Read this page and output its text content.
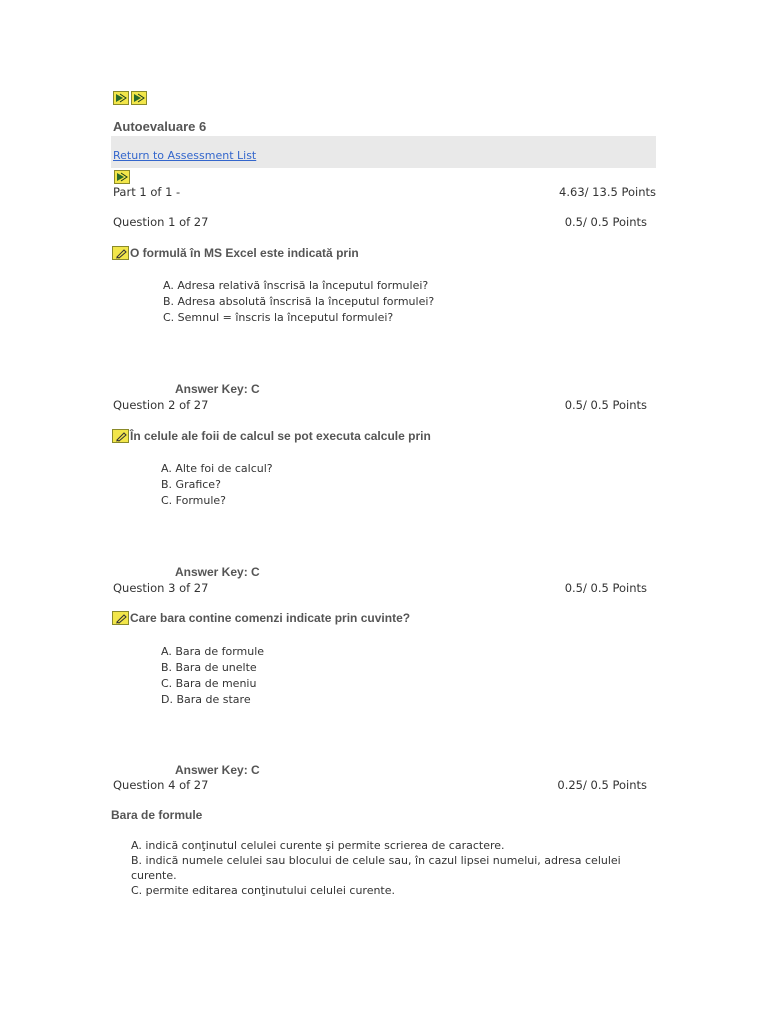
Autoevaluare 6
Return to Assessment List
Part 1 of 1 -	4.63/ 13.5 Points
Question 1 of 27	0.5/ 0.5 Points
O formulă în MS Excel este indicată prin
A. Adresa relativă înscrisă la începutul formulei?
B. Adresa absolută înscrisă la începutul formulei?
C. Semnul = înscris la începutul formulei?
Answer Key: C
Question 2 of 27	0.5/ 0.5 Points
În celule ale foii de calcul se pot executa calcule prin
A. Alte foi de calcul?
B. Grafice?
C. Formule?
Answer Key: C
Question 3 of 27	0.5/ 0.5 Points
Care bara contine comenzi indicate prin cuvinte?
A. Bara de formule
B. Bara de unelte
C. Bara de meniu
D. Bara de stare
Answer Key: C
Question 4 of 27	0.25/ 0.5 Points
Bara de formule
A. indică conţinutul celulei curente şi permite scrierea de caractere.
B. indică numele celulei sau blocului de celule sau, în cazul lipsei numelui, adresa celulei curente.
C. permite editarea conţinutului celulei curente.
